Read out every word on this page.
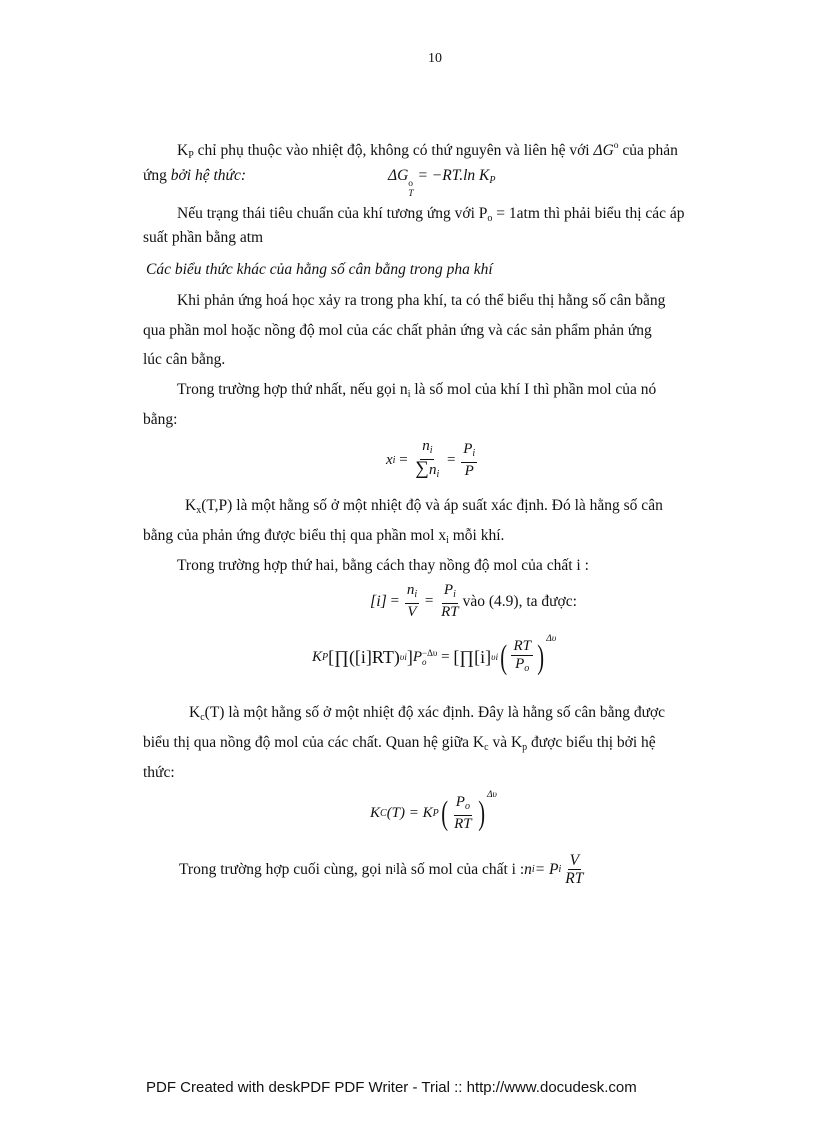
10
$K_P$ chỉ phụ thuộc vào nhiệt độ, không có thứ nguyên và liên hệ với $\Delta G^o$ của phản
ứng bởi hệ thức:	ΔG o
T
= −RT.ln $K_P$
Nếu trạng thái tiêu chuẩn của khí tương ứng với $P_o = 1atm$ thì phải biểu thị các áp
suất phần bằng atm
Các biểu thức khác của hằng số cân bằng trong pha khí
Khi phản ứng hoá học xảy ra trong pha khí, ta có thể biểu thị hằng số cân bằng
qua phần mol hoặc nồng độ mol của các chất phản ứng và các sản phẩm phản ứng
lúc cân bằng.
Trong trường hợp thứ nhất, nếu gọi $n_i$ là số mol của khí I thì phần mol của nó
bằng:
x $i = \frac{n_i}{\sum n_i} = \frac{P_i}{P}$
$K_x(T,P)$ là một hằng số ở một nhiệt độ và áp suất xác định. Đó là hằng số cân
bằng của phản ứng được biểu thị qua phần mol $x_i$ mỗi khí.
Trong trường hợp thứ hai, bằng cách thay nồng độ mol của chất i :
$[i] = \frac{n_i}{V} = \frac{P_i}{RT}$ vào (4.9), ta được:
K P [∏([i]RT) υi ] P −Δυ
o = [∏[i] υi ( $\frac{RT}{P_o}$ ) Δυ
$K_c(T)$ là một hằng số ở một nhiệt độ xác định. Đây là hằng số cân bằng được
biểu thị qua nồng độ mol của các chất. Quan hệ giữa $K_c$ và $K_p$ được biểu thị bởi hệ
thức:
K C (T) = K P ( $\frac{P_o}{RT}$ ) Δυ
Trong trường hợp cuối cùng, gọi n i là số mol của chất i : n i = P i $\frac{V}{RT}$
PDF Created with deskPDF PDF Writer - Trial :: http://www.docudesk.com
